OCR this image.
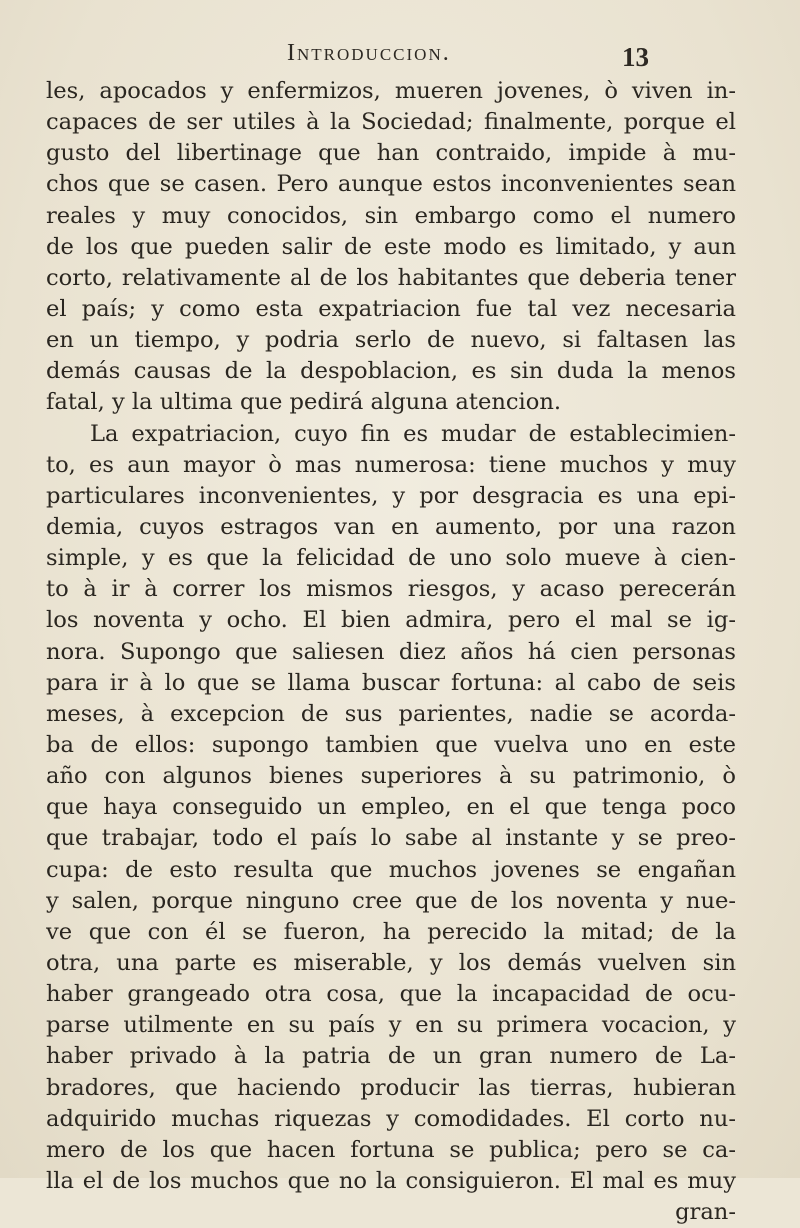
Introduccion.	13
les, apocados y enfermizos, mueren jovenes, ò viven in-
capaces de ser utiles à la Sociedad; finalmente, porque el
gusto del libertinage que han contraido, impide à mu-
chos que se casen. Pero aunque estos inconvenientes sean
reales y muy conocidos, sin embargo como el numero
de los que pueden salir de este modo es limitado, y aun
corto, relativamente al de los habitantes que deberia tener
el país; y como esta expatriacion fue tal vez necesaria
en un tiempo, y podria serlo de nuevo, si faltasen las
demás causas de la despoblacion, es sin duda la menos
fatal, y la ultima que pedirá alguna atencion.
La expatriacion, cuyo fin es mudar de establecimien-
to, es aun mayor ò mas numerosa: tiene muchos y muy
particulares inconvenientes, y por desgracia es una epi-
demia, cuyos estragos van en aumento, por una razon
simple, y es que la felicidad de uno solo mueve à cien-
to à ir à correr los mismos riesgos, y acaso perecerán
los noventa y ocho. El bien admira, pero el mal se ig-
nora. Supongo que saliesen diez años há cien personas
para ir à lo que se llama buscar fortuna: al cabo de seis
meses, à excepcion de sus parientes, nadie se acorda-
ba de ellos: supongo tambien que vuelva uno en este
año con algunos bienes superiores à su patrimonio, ò
que haya conseguido un empleo, en el que tenga poco
que trabajar, todo el país lo sabe al instante y se preo-
cupa: de esto resulta que muchos jovenes se engañan
y salen, porque ninguno cree que de los noventa y nue-
ve que con él se fueron, ha perecido la mitad; de la
otra, una parte es miserable, y los demás vuelven sin
haber grangeado otra cosa, que la incapacidad de ocu-
parse utilmente en su país y en su primera vocacion, y
haber privado à la patria de un gran numero de La-
bradores, que haciendo producir las tierras, hubieran
adquirido muchas riquezas y comodidades. El corto nu-
mero de los que hacen fortuna se publica; pero se ca-
lla el de los muchos que no la consiguieron. El mal es muy
gran-
